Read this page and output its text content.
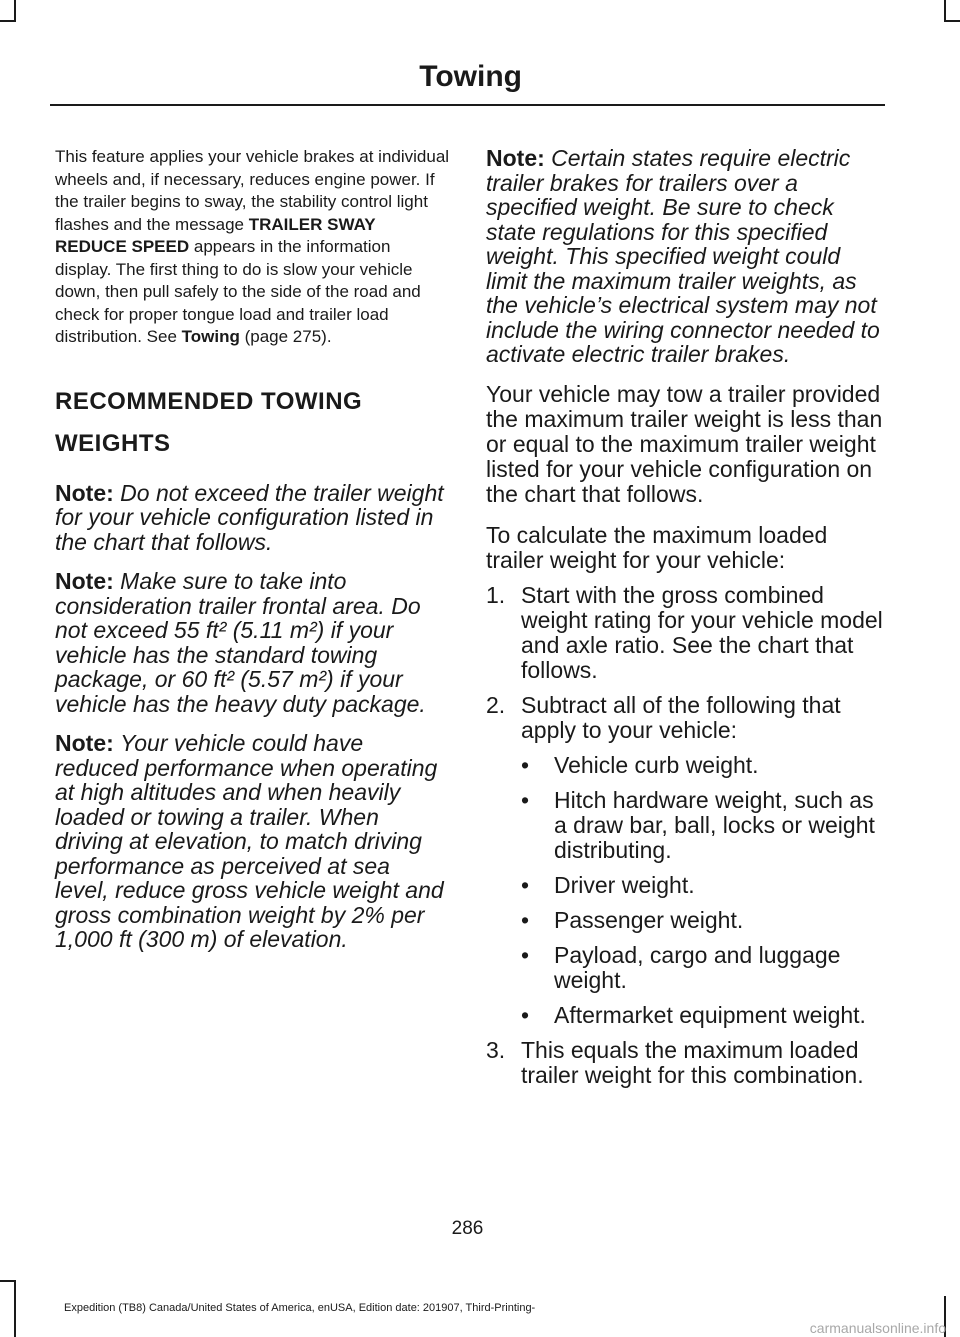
Towing

This feature applies your vehicle brakes at individual wheels and, if necessary, reduces engine power. If the trailer begins to sway, the stability control light flashes and the message TRAILER SWAY REDUCE SPEED appears in the information display. The first thing to do is slow your vehicle down, then pull safely to the side of the road and check for proper tongue load and trailer load distribution. See Towing (page 275).

RECOMMENDED TOWING
WEIGHTS

Note: Do not exceed the trailer weight for your vehicle configuration listed in the chart that follows.

Note: Make sure to take into consideration trailer frontal area. Do not exceed 55 ft² (5.11 m²) if your vehicle has the standard towing package, or 60 ft² (5.57 m²) if your vehicle has the heavy duty package.

Note: Your vehicle could have reduced performance when operating at high altitudes and when heavily loaded or towing a trailer. When driving at elevation, to match driving performance as perceived at sea level, reduce gross vehicle weight and gross combination weight by 2% per 1,000 ft (300 m) of elevation.

Note: Certain states require electric trailer brakes for trailers over a specified weight. Be sure to check state regulations for this specified weight. This specified weight could limit the maximum trailer weights, as the vehicle’s electrical system may not include the wiring connector needed to activate electric trailer brakes.

Your vehicle may tow a trailer provided the maximum trailer weight is less than or equal to the maximum trailer weight listed for your vehicle configuration on the chart that follows.

To calculate the maximum loaded trailer weight for your vehicle:

1. Start with the gross combined weight rating for your vehicle model and axle ratio. See the chart that follows.
2. Subtract all of the following that apply to your vehicle:
• Vehicle curb weight.
• Hitch hardware weight, such as a draw bar, ball, locks or weight distributing.
• Driver weight.
• Passenger weight.
• Payload, cargo and luggage weight.
• Aftermarket equipment weight.
3. This equals the maximum loaded trailer weight for this combination.
286
Expedition (TB8) Canada/United States of America, enUSA, Edition date: 201907, Third-Printing-
carmanualsonline.info
